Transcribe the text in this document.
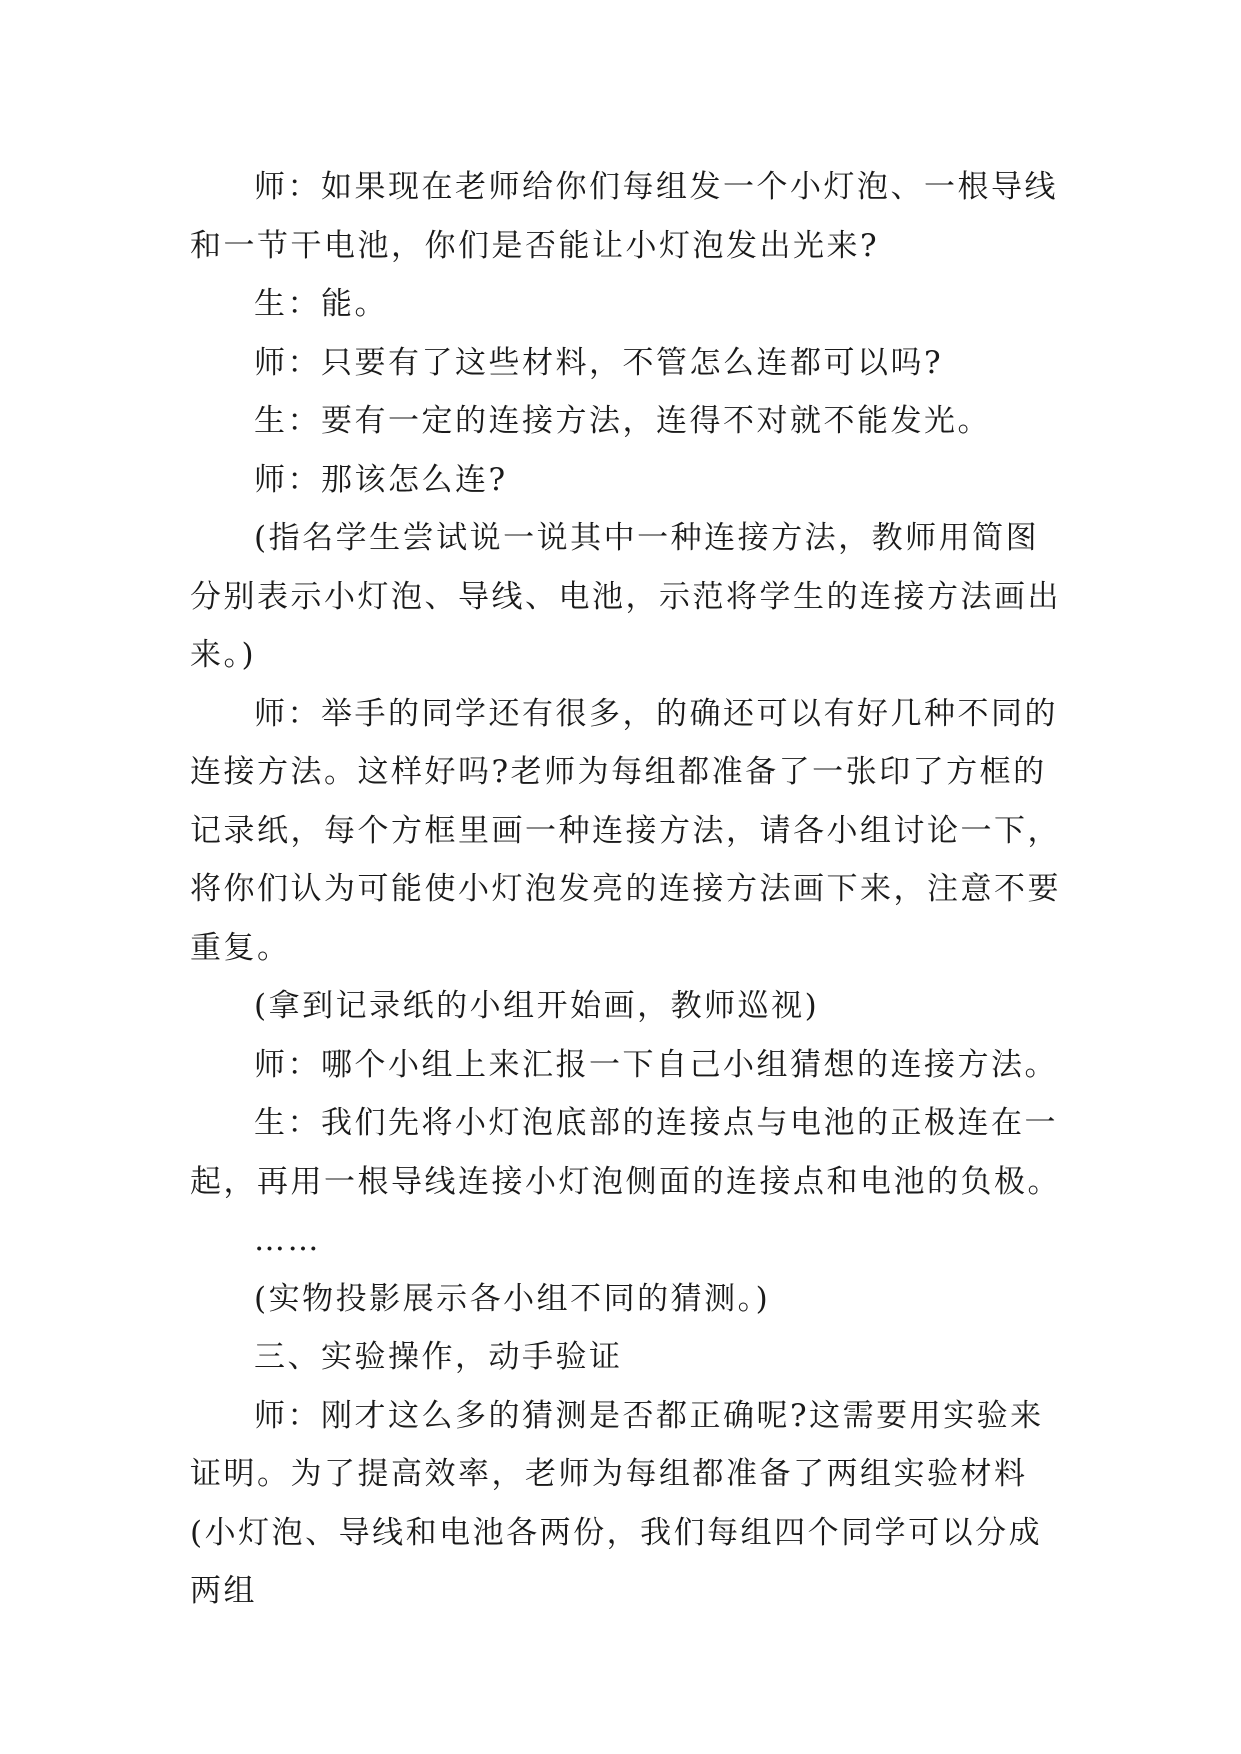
师：如果现在老师给你们每组发一个小灯泡、一根导线和一节干电池，你们是否能让小灯泡发出光来?

生：能。

师：只要有了这些材料，不管怎么连都可以吗?

生：要有一定的连接方法，连得不对就不能发光。

师：那该怎么连?

(指名学生尝试说一说其中一种连接方法，教师用简图分别表示小灯泡、导线、电池，示范将学生的连接方法画出来。)

师：举手的同学还有很多，的确还可以有好几种不同的连接方法。这样好吗?老师为每组都准备了一张印了方框的记录纸，每个方框里画一种连接方法，请各小组讨论一下，将你们认为可能使小灯泡发亮的连接方法画下来，注意不要重复。

(拿到记录纸的小组开始画，教师巡视)

师：哪个小组上来汇报一下自己小组猜想的连接方法。

生：我们先将小灯泡底部的连接点与电池的正极连在一起，再用一根导线连接小灯泡侧面的连接点和电池的负极。

……

(实物投影展示各小组不同的猜测。)

三、实验操作，动手验证

师：刚才这么多的猜测是否都正确呢?这需要用实验来证明。为了提高效率，老师为每组都准备了两组实验材料(小灯泡、导线和电池各两份，我们每组四个同学可以分成两组
